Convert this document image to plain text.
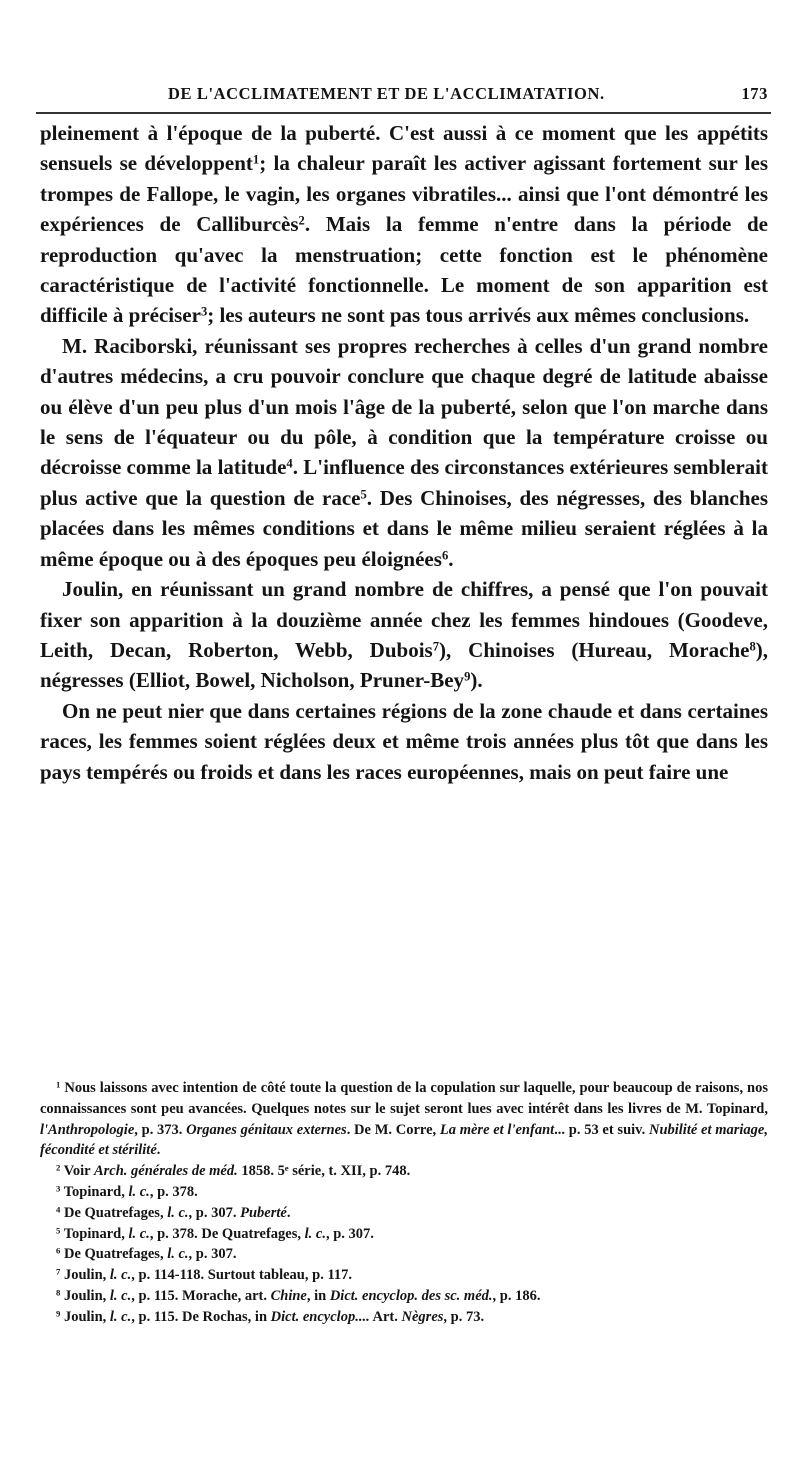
DE L'ACCLIMATEMENT ET DE L'ACCLIMATATION.	173

pleinement à l'époque de la puberté. C'est aussi à ce moment que les appétits sensuels se développent$^1$; la chaleur paraît les activer agissant fortement sur les trompes de Fallope, le vagin, les organes vibratiles... ainsi que l'ont démontré les expériences de Calliburcès$^2$. Mais la femme n'entre dans la période de reproduction qu'avec la menstruation; cette fonction est le phénomène caractéristique de l'activité fonctionnelle. Le moment de son apparition est difficile à préciser$^3$; les auteurs ne sont pas tous arrivés aux mêmes conclusions.

M. Raciborski, réunissant ses propres recherches à celles d'un grand nombre d'autres médecins, a cru pouvoir conclure que chaque degré de latitude abaisse ou élève d'un peu plus d'un mois l'âge de la puberté, selon que l'on marche dans le sens de l'équateur ou du pôle, à condition que la température croisse ou décroisse comme la latitude$^4$. L'influence des circonstances extérieures semblerait plus active que la question de race$^5$. Des Chinoises, des négresses, des blanches placées dans les mêmes conditions et dans le même milieu seraient réglées à la même époque ou à des époques peu éloignées$^6$.

Joulin, en réunissant un grand nombre de chiffres, a pensé que l'on pouvait fixer son apparition à la douzième année chez les femmes hindoues (Goodeve, Leith, Decan, Roberton, Webb, Dubois$^7$), Chinoises (Hureau, Morache$^8$), négresses (Elliot, Bowel, Nicholson, Pruner-Bey$^9$).

On ne peut nier que dans certaines régions de la zone chaude et dans certaines races, les femmes soient réglées deux et même trois années plus tôt que dans les pays tempérés ou froids et dans les races européennes, mais on peut faire une

$^1$ Nous laissons avec intention de côté toute la question de la copulation sur laquelle, pour beaucoup de raisons, nos connaissances sont peu avancées. Quelques notes sur le sujet seront lues avec intérêt dans les livres de M. Topinard, l'Anthropologie, p. 373. Organes génitaux externes. De M. Corre, La mère et l'enfant... p. 53 et suiv. Nubilité et mariage, fécondité et stérilité.

$^2$ Voir Arch. générales de méd. 1858. 5ᵉ série, t. XII, p. 748.

$^3$ Topinard, l. c., p. 378.

$^4$ De Quatrefages, l. c., p. 307. Puberté.

$^5$ Topinard, l. c., p. 378. De Quatrefages, l. c., p. 307.

$^6$ De Quatrefages, l. c., p. 307.

$^7$ Joulin, l. c., p. 114-118. Surtout tableau, p. 117.

$^8$ Joulin, l. c., p. 115. Morache, art. Chine, in Dict. encyclop. des sc. méd., p. 186.

$^9$ Joulin, l. c., p. 115. De Rochas, in Dict. encyclop.... Art. Nègres, p. 73.
